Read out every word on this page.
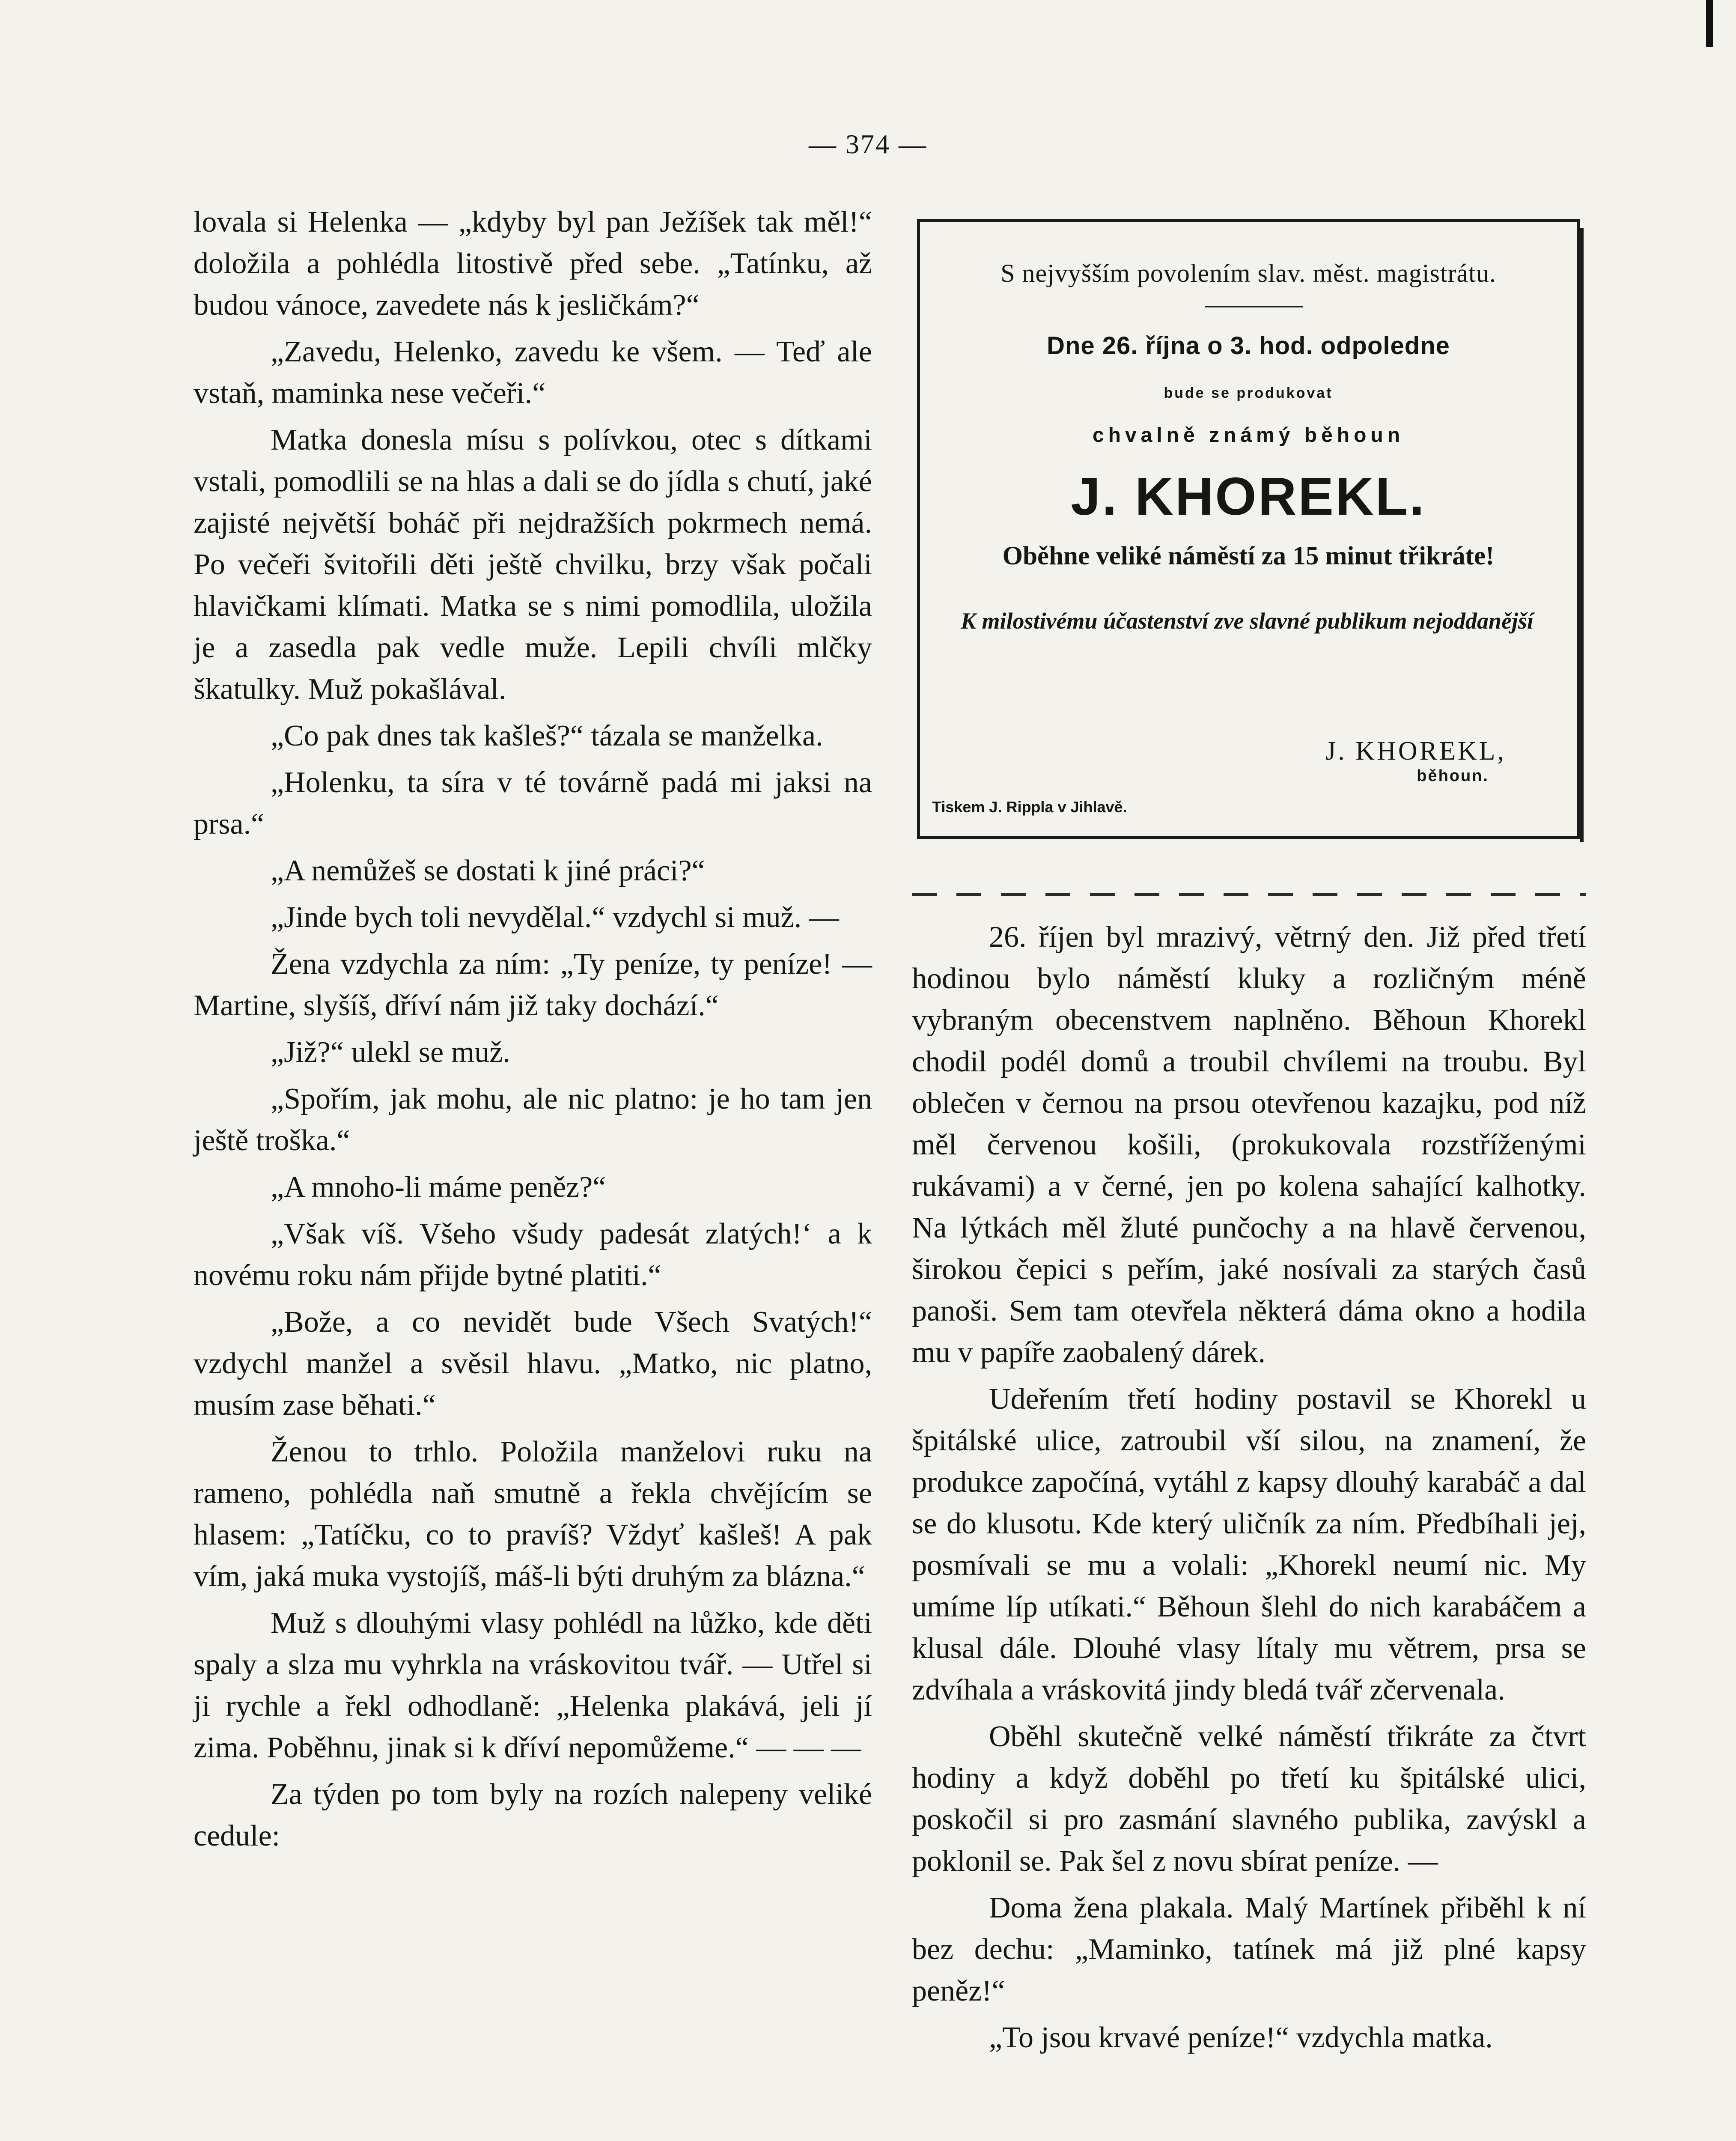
— 374 —

lovala si Helenka — „kdyby byl pan Ježíšek tak měl!“ doložila a pohlédla litostivě před sebe. „Tatínku, až budou vánoce, zavedete nás k jesličkám?“

„Zavedu, Helenko, zavedu ke všem. — Teď ale vstaň, maminka nese večeři.“

Matka donesla mísu s polívkou, otec s dítkami vstali, pomodlili se na hlas a dali se do jídla s chutí, jaké zajisté největší boháč při nejdražších pokrmech nemá. Po večeři švitořili děti ještě chvilku, brzy však počali hlavičkami klímati. Matka se s nimi pomodlila, uložila je a zasedla pak vedle muže. Lepili chvíli mlčky škatulky. Muž pokašlával.

„Co pak dnes tak kašleš?“ tázala se manželka.

„Holenku, ta síra v té továrně padá mi jaksi na prsa.“

„A nemůžeš se dostati k jiné práci?“

„Jinde bych toli nevydělal.“ vzdychl si muž. —

Žena vzdychla za ním: „Ty peníze, ty peníze! — Martine, slyšíš, dříví nám již taky dochází.“

„Již?“ ulekl se muž.

„Spořím, jak mohu, ale nic platno: je ho tam jen ještě troška.“

„A mnoho-li máme peněz?“

„Však víš. Všeho všudy padesát zlatých!‘ a k novému roku nám přijde bytné platiti.“

„Bože, a co nevidět bude Všech Svatých!“ vzdychl manžel a svěsil hlavu. „Matko, nic platno, musím zase běhati.“

Ženou to trhlo. Položila manželovi ruku na rameno, pohlédla naň smutně a řekla chvějícím se hlasem: „Tatíčku, co to pravíš? Vždyť kašleš! A pak vím, jaká muka vystojíš, máš-li býti druhým za blázna.“

Muž s dlouhými vlasy pohlédl na lůžko, kde děti spaly a slza mu vyhrkla na vráskovitou tvář. — Utřel si ji rychle a řekl odhodlaně: „Helenka plakává, jeli jí zima. Poběhnu, jinak si k dříví nepomůžeme.“ — — —

Za týden po tom byly na rozích nalepeny veliké cedule:

S nejvyšším povolením slav. měst. magistrátu.
Dne 26. října o 3. hod. odpoledne
bude se produkovat
chvalně známý běhoun
J. KHOREKL.
Oběhne veliké náměstí za 15 minut třikráte!
K milostivému účastenství zve slavné publikum nejoddanější
J. KHOREKL,
běhoun.
Tiskem J. Rippla v Jihlavě.

26. říjen byl mrazivý, větrný den. Již před třetí hodinou bylo náměstí kluky a rozličným méně vybraným obecenstvem naplněno. Běhoun Khorekl chodil podél domů a troubil chvílemi na troubu. Byl oblečen v černou na prsou otevřenou kazajku, pod níž měl červenou košili, (prokukovala rozstříženými rukávami) a v černé, jen po kolena sahající kalhotky. Na lýtkách měl žluté punčochy a na hlavě červenou, širokou čepici s peřím, jaké nosívali za starých časů panoši. Sem tam otevřela některá dáma okno a hodila mu v papíře zaobalený dárek.

Udeřením třetí hodiny postavil se Khorekl u špitálské ulice, zatroubil vší silou, na znamení, že produkce započíná, vytáhl z kapsy dlouhý karabáč a dal se do klusotu. Kde který uličník za ním. Předbíhali jej, posmívali se mu a volali: „Khorekl neumí nic. My umíme líp utíkati.“ Běhoun šlehl do nich karabáčem a klusal dále. Dlouhé vlasy lítaly mu větrem, prsa se zdvíhala a vráskovitá jindy bledá tvář zčervenala.

Oběhl skutečně velké náměstí třikráte za čtvrt hodiny a když doběhl po třetí ku špitálské ulici, poskočil si pro zasmání slavného publika, zavýskl a poklonil se. Pak šel z novu sbírat peníze. —

Doma žena plakala. Malý Martínek přiběhl k ní bez dechu: „Maminko, tatínek má již plné kapsy peněz!“

„To jsou krvavé peníze!“ vzdychla matka.
